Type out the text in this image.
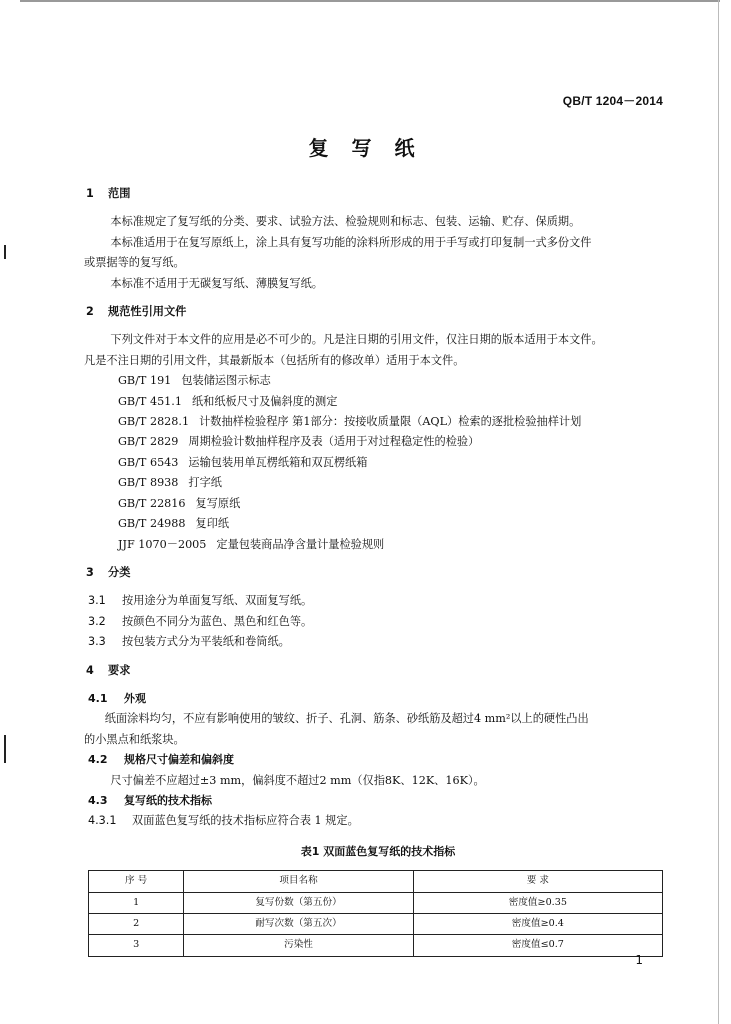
QB/T 1204－2014
复 写 纸
1 范围

本标准规定了复写纸的分类、要求、试验方法、检验规则和标志、包装、运输、贮存、保质期。

本标准适用于在复写原纸上，涂上具有复写功能的涂料所形成的用于手写或打印复制一式多份文件

或票据等的复写纸。

本标准不适用于无碳复写纸、薄膜复写纸。

2 规范性引用文件

下列文件对于本文件的应用是必不可少的。凡是注日期的引用文件，仅注日期的版本适用于本文件。

凡是不注日期的引用文件，其最新版本（包括所有的修改单）适用于本文件。

GB/T 191 包装储运图示标志

GB/T 451.1 纸和纸板尺寸及偏斜度的测定

GB/T 2828.1 计数抽样检验程序 第1部分：按接收质量限（AQL）检索的逐批检验抽样计划

GB/T 2829 周期检验计数抽样程序及表（适用于对过程稳定性的检验）

GB/T 6543 运输包装用单瓦楞纸箱和双瓦楞纸箱

GB/T 8938 打字纸

GB/T 22816 复写原纸

GB/T 24988 复印纸

JJF 1070－2005 定量包装商品净含量计量检验规则

3 分类

3.1 按用途分为单面复写纸、双面复写纸。

3.2 按颜色不同分为蓝色、黑色和红色等。

3.3 按包装方式分为平装纸和卷筒纸。

4 要求
4.1 外观

纸面涂料均匀，不应有影响使用的皱纹、折子、孔洞、筋条、砂纸筋及超过4 mm²以上的硬性凸出

的小黑点和纸浆块。

4.2 规格尺寸偏差和偏斜度

尺寸偏差不应超过±3 mm，偏斜度不超过2 mm（仅指8K、12K、16K）。

4.3 复写纸的技术指标

4.3.1 双面蓝色复写纸的技术指标应符合表 1 规定。

表1 双面蓝色复写纸的技术指标
序 号	项目名称	要 求
1	复写份数（第五份）	密度值≥0.35
2	耐写次数（第五次）	密度值≥0.4
3	污染性	密度值≤0.7
1
